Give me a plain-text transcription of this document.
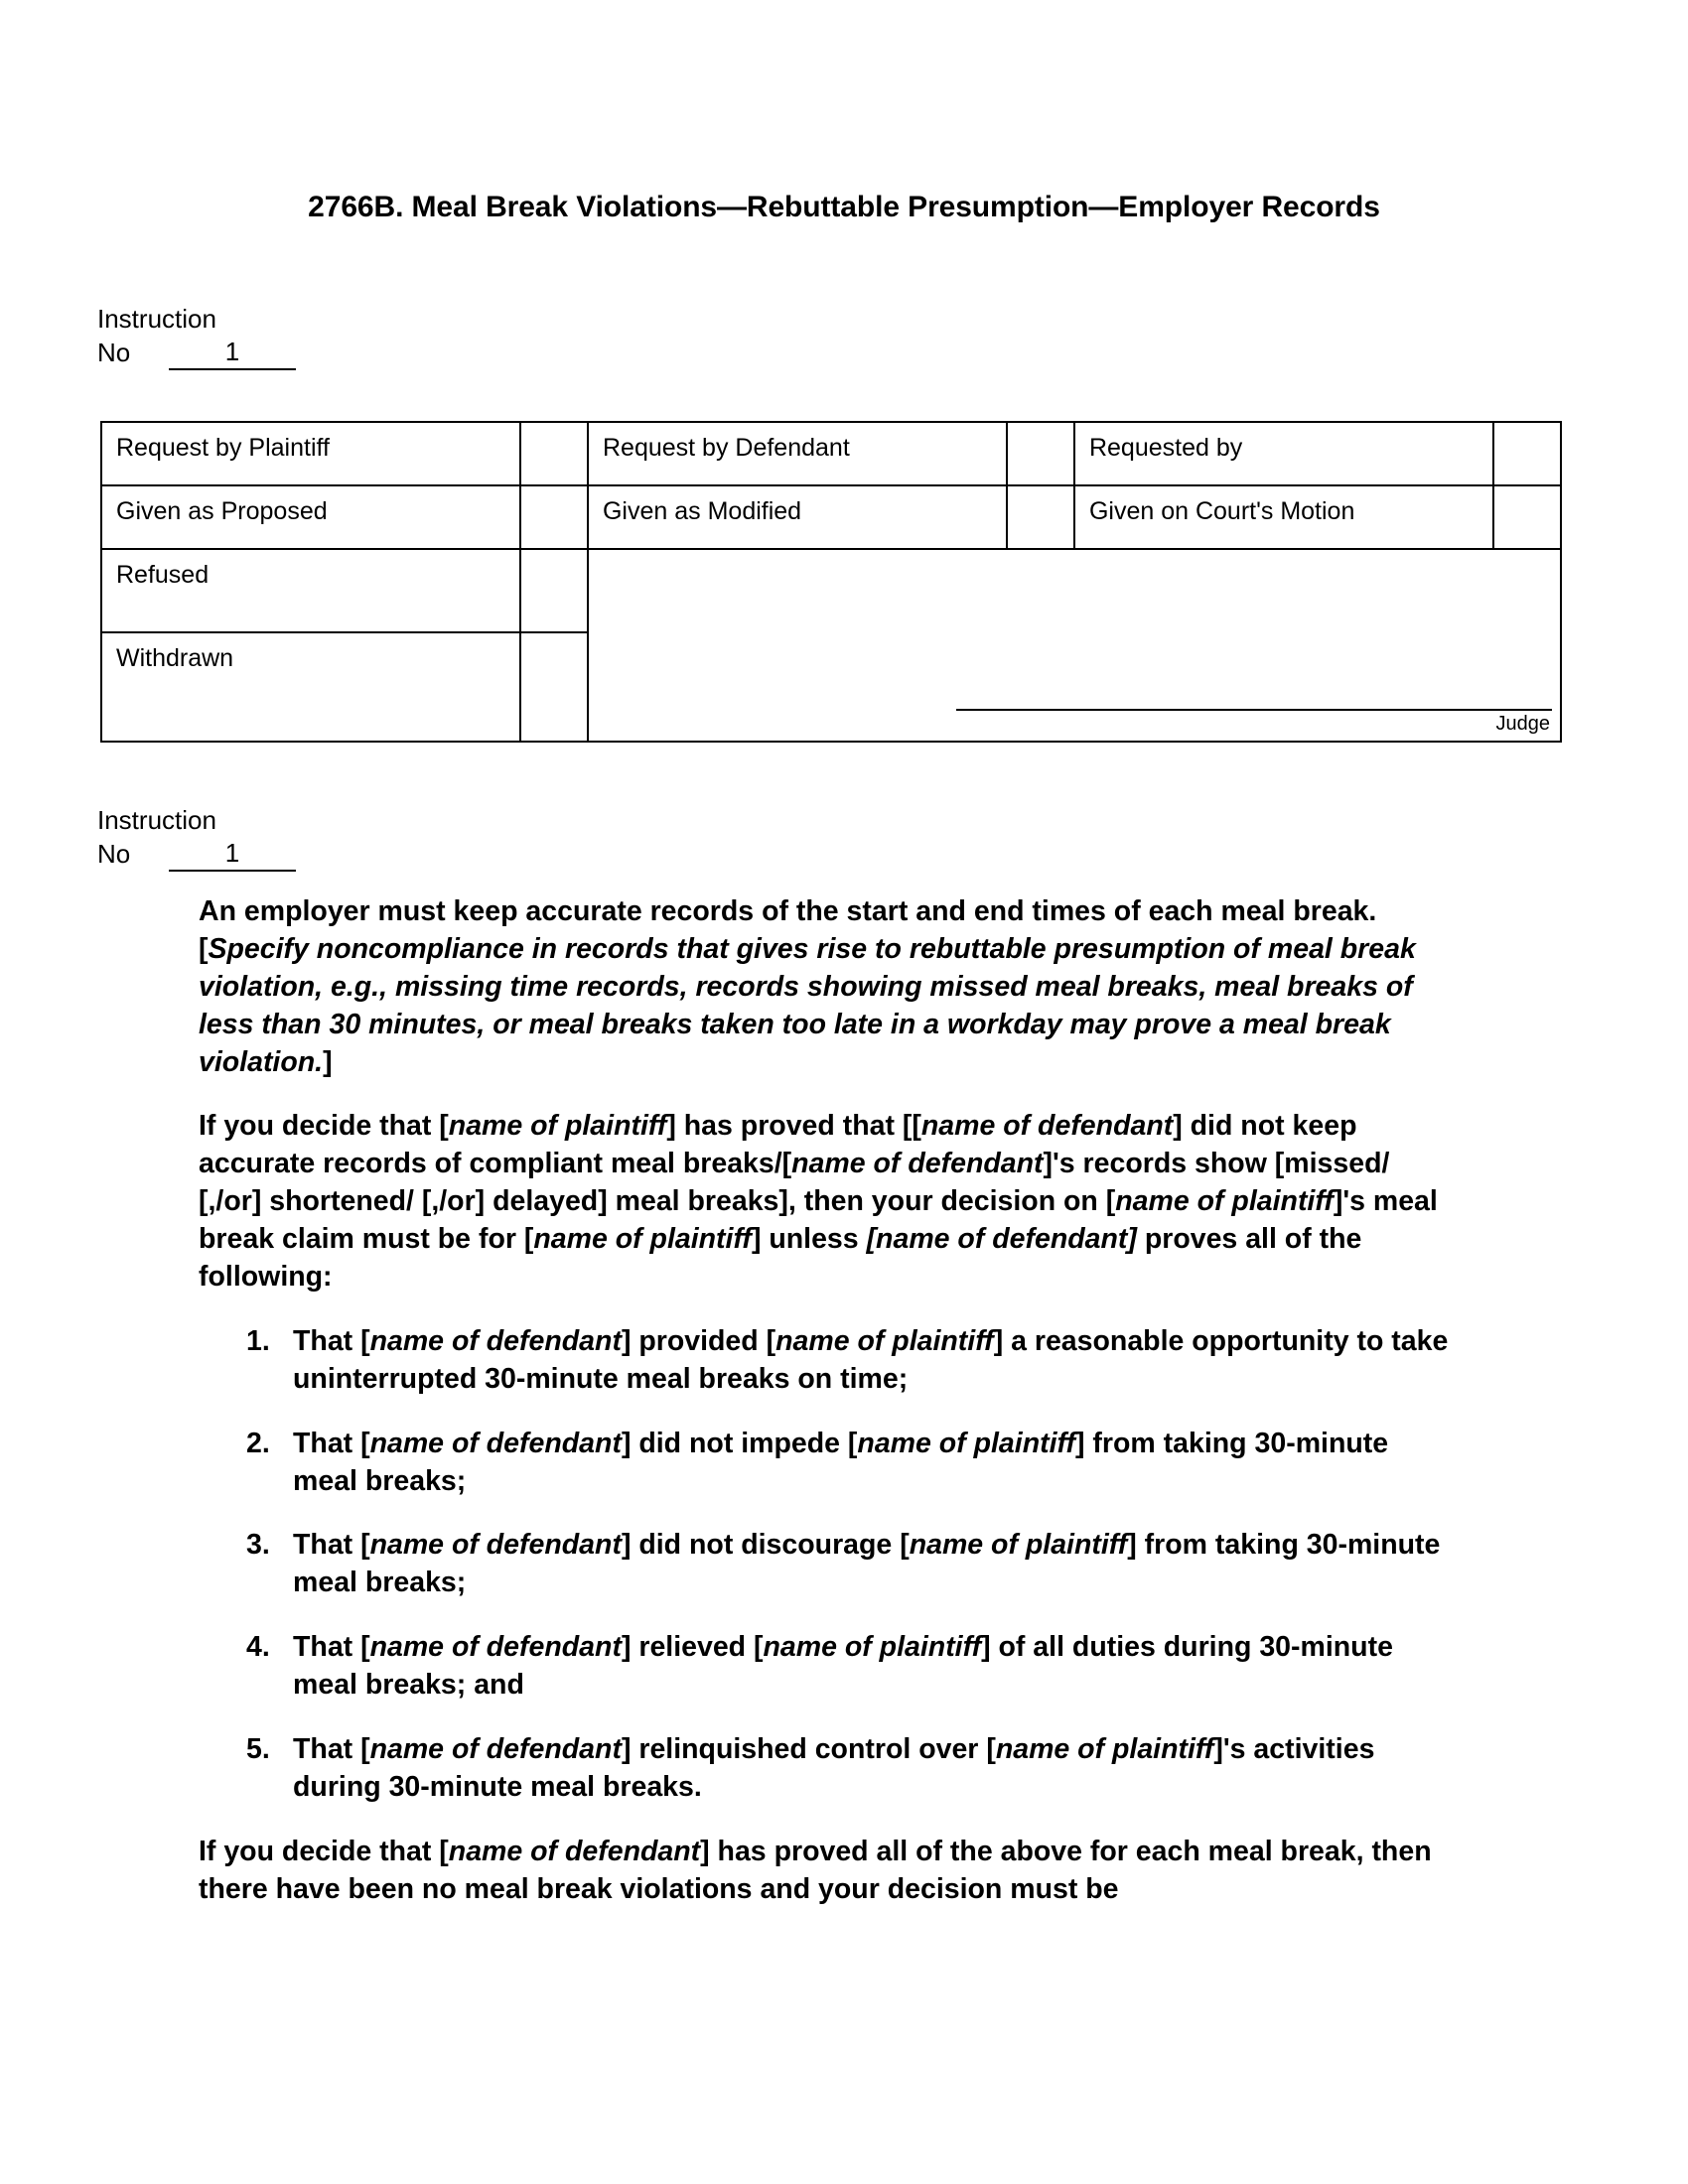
2766B. Meal Break Violations—Rebuttable Presumption—Employer Records
Instruction
No	1
Request by Plaintiff		Request by Defendant		Requested by	
Given as Proposed		Given as Modified		Given on Court's Motion	
Refused		Judge			

Withdrawn					
Instruction
No	1

An employer must keep accurate records of the start and end times of each meal break. [Specify noncompliance in records that gives rise to rebuttable presumption of meal break violation, e.g., missing time records, records showing missed meal breaks, meal breaks of less than 30 minutes, or meal breaks taken too late in a workday may prove a meal break violation.]

If you decide that [name of plaintiff] has proved that [[name of defendant] did not keep accurate records of compliant meal breaks/[name of defendant]'s records show [missed/ [,/or] shortened/ [,/or] delayed] meal breaks], then your decision on [name of plaintiff]'s meal break claim must be for [name of plaintiff] unless [name of defendant] proves all of the following:

That [name of defendant] provided [name of plaintiff] a reasonable opportunity to take uninterrupted 30-minute meal breaks on time;
That [name of defendant] did not impede [name of plaintiff] from taking 30-minute meal breaks;
That [name of defendant] did not discourage [name of plaintiff] from taking 30-minute meal breaks;
That [name of defendant] relieved [name of plaintiff] of all duties during 30-minute meal breaks; and
That [name of defendant] relinquished control over [name of plaintiff]'s activities during 30-minute meal breaks.

If you decide that [name of defendant] has proved all of the above for each meal break, then there have been no meal break violations and your decision must be
